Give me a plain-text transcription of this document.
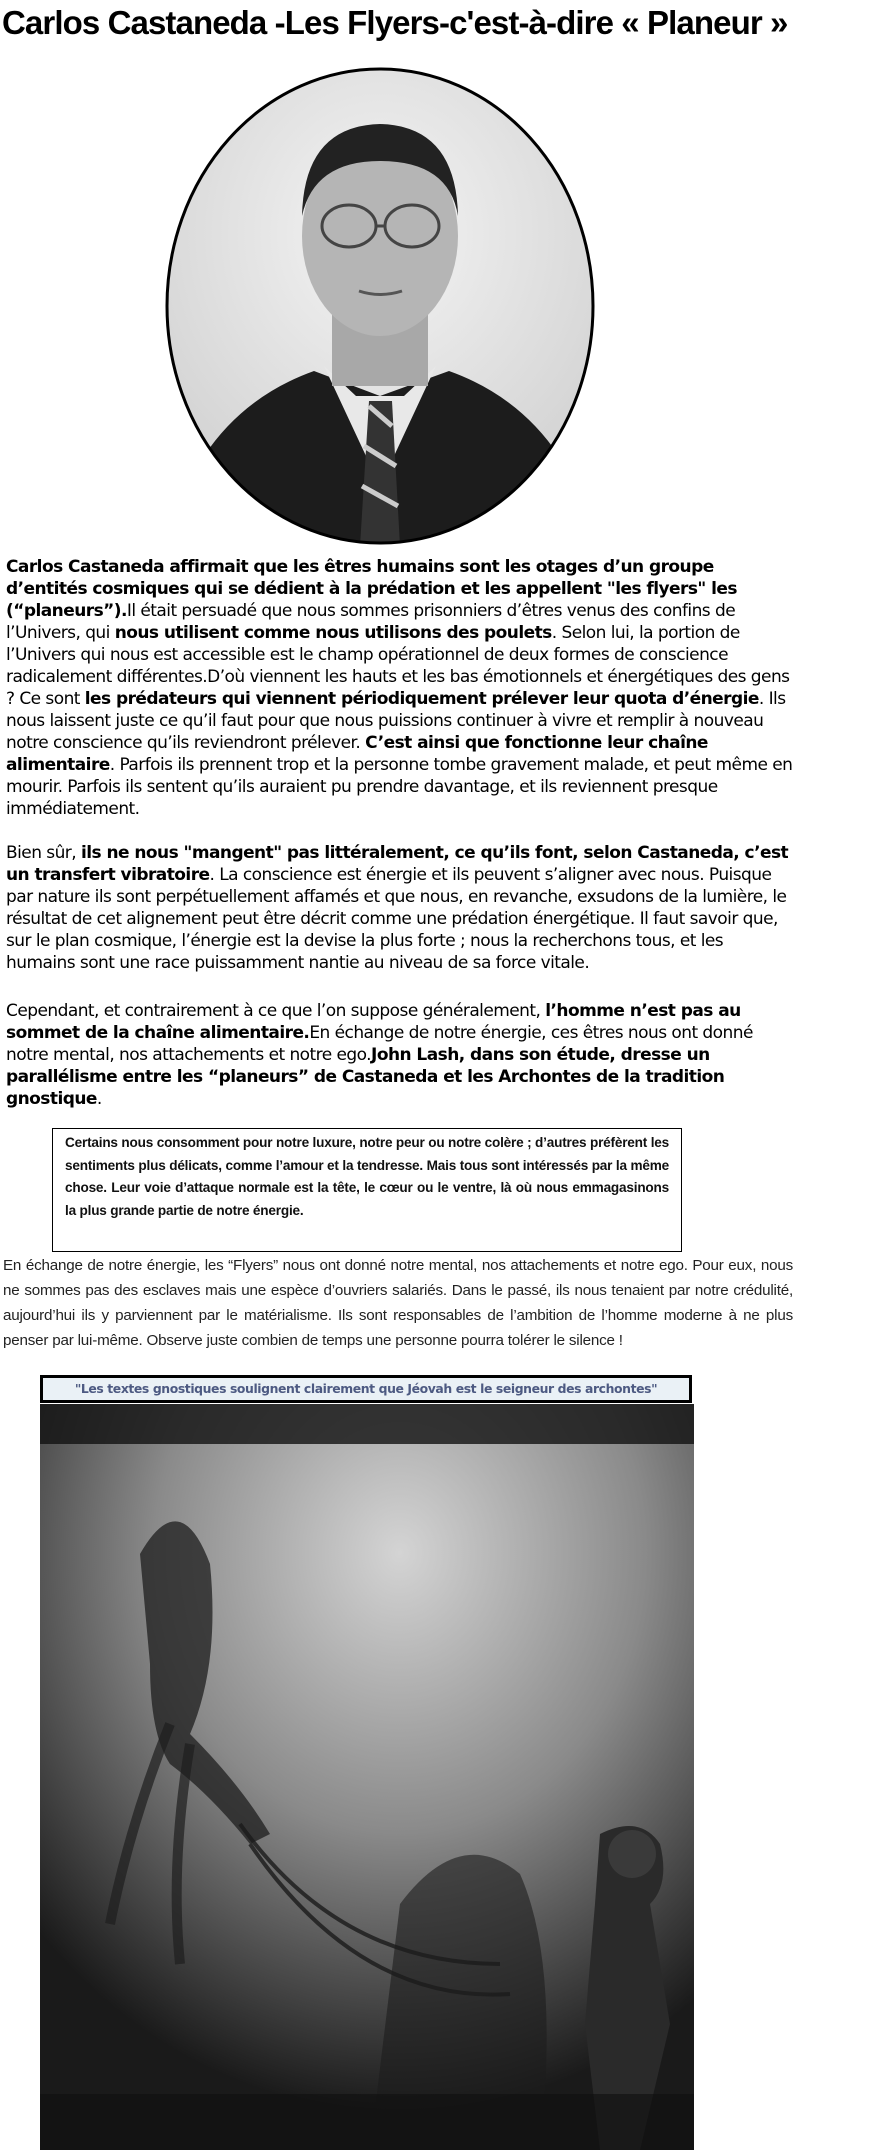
Carlos Castaneda -Les Flyers-c'est-à-dire « Planeur »

Carlos Castaneda affirmait que les êtres humains sont les otages d’un groupe d’entités cosmiques qui se dédient à la prédation et les appellent "les flyers" les (“planeurs”).Il était persuadé que nous sommes prisonniers d’êtres venus des confins de l’Univers, qui nous utilisent comme nous utilisons des poulets. Selon lui, la portion de l’Univers qui nous est accessible est le champ opérationnel de deux formes de conscience radicalement différentes.D’où viennent les hauts et les bas émotionnels et énergétiques des gens ? Ce sont les prédateurs qui viennent périodiquement prélever leur quota d’énergie. Ils nous laissent juste ce qu’il faut pour que nous puissions continuer à vivre et remplir à nouveau notre conscience qu’ils reviendront prélever. C’est ainsi que fonctionne leur chaîne alimentaire. Parfois ils prennent trop et la personne tombe gravement malade, et peut même en mourir. Parfois ils sentent qu’ils auraient pu prendre davantage, et ils reviennent presque immédiatement.

Bien sûr, ils ne nous "mangent" pas littéralement, ce qu’ils font, selon Castaneda, c’est un transfert vibratoire. La conscience est énergie et ils peuvent s’aligner avec nous. Puisque par nature ils sont perpétuellement affamés et que nous, en revanche, exsudons de la lumière, le résultat de cet alignement peut être décrit comme une prédation énergétique. Il faut savoir que, sur le plan cosmique, l’énergie est la devise la plus forte ; nous la recherchons tous, et les humains sont une race puissamment nantie au niveau de sa force vitale.

Cependant, et contrairement à ce que l’on suppose généralement, l’homme n’est pas au sommet de la chaîne alimentaire.En échange de notre énergie, ces êtres nous ont donné notre mental, nos attachements et notre ego.John Lash, dans son étude, dresse un parallélisme entre les “planeurs” de Castaneda et les Archontes de la tradition gnostique.

Certains nous consomment pour notre luxure, notre peur ou notre colère ; d’autres préfèrent les sentiments plus délicats, comme l’amour et la tendresse. Mais tous sont intéressés par la même chose. Leur voie d’attaque normale est la tête, le cœur ou le ventre, là où nous emmagasinons la plus grande partie de notre énergie.
En échange de notre énergie, les “Flyers” nous ont donné notre mental, nos attachements et notre ego. Pour eux, nous ne sommes pas des esclaves mais une espèce d’ouvriers salariés. Dans le passé, ils nous tenaient par notre crédulité, aujourd’hui ils y parviennent par le matérialisme. Ils sont responsables de l’ambition de l’homme moderne à ne plus penser par lui-même. Observe juste combien de temps une personne pourra tolérer le silence !
"Les textes gnostiques soulignent clairement que Jéovah est le seigneur des archontes"
